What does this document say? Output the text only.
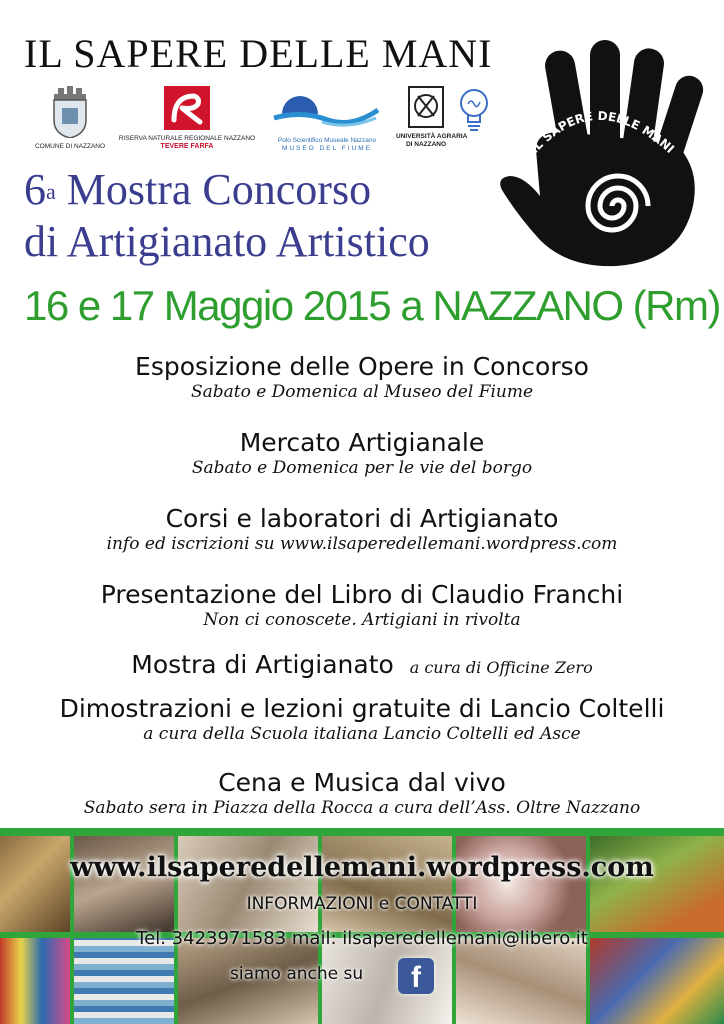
IL SAPERE DELLE MANI
COMUNE DI NAZZANO
RISERVA NATURALE REGIONALE NAZZANO
TEVERE FARFA
Polo Scientifico Museale Nazzano
MUSEO DEL FIUME
UNIVERSITÀ AGRARIA
DI NAZZANO	IL SAPERE DELLE MANI
6$^a$ Mostra Concorso
di Artigianato Artistico
16 e 17 Maggio 2015 a NAZZANO (Rm)
Esposizione delle Opere in Concorso
Sabato e Domenica al Museo del Fiume
Mercato Artigianale
Sabato e Domenica per le vie del borgo
Corsi e laboratori di Artigianato
info ed iscrizioni su www.ilsaperedellemani.wordpress.com
Presentazione del Libro di Claudio Franchi
Non ci conoscete. Artigiani in rivolta
Mostra di Artigianato a cura di Officine Zero
Dimostrazioni e lezioni gratuite di Lancio Coltelli
a cura della Scuola italiana Lancio Coltelli ed Asce
Cena e Musica dal vivo
Sabato sera in Piazza della Rocca a cura dell’Ass. Oltre Nazzano
www.ilsaperedellemani.wordpress.com
INFORMAZIONI e CONTATTI
Tel. 3423971583 mail: ilsaperedellemani@libero.it
siamo anche su	f
